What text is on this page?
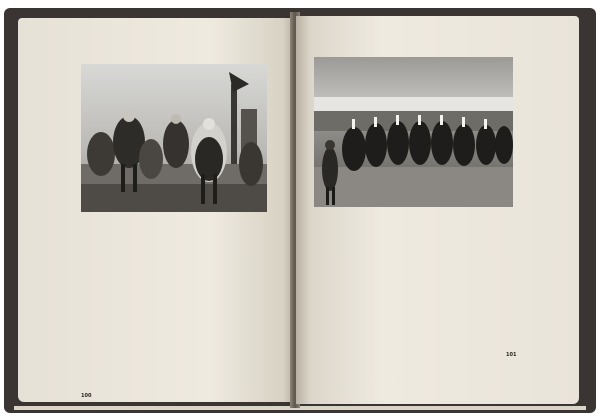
100

101
